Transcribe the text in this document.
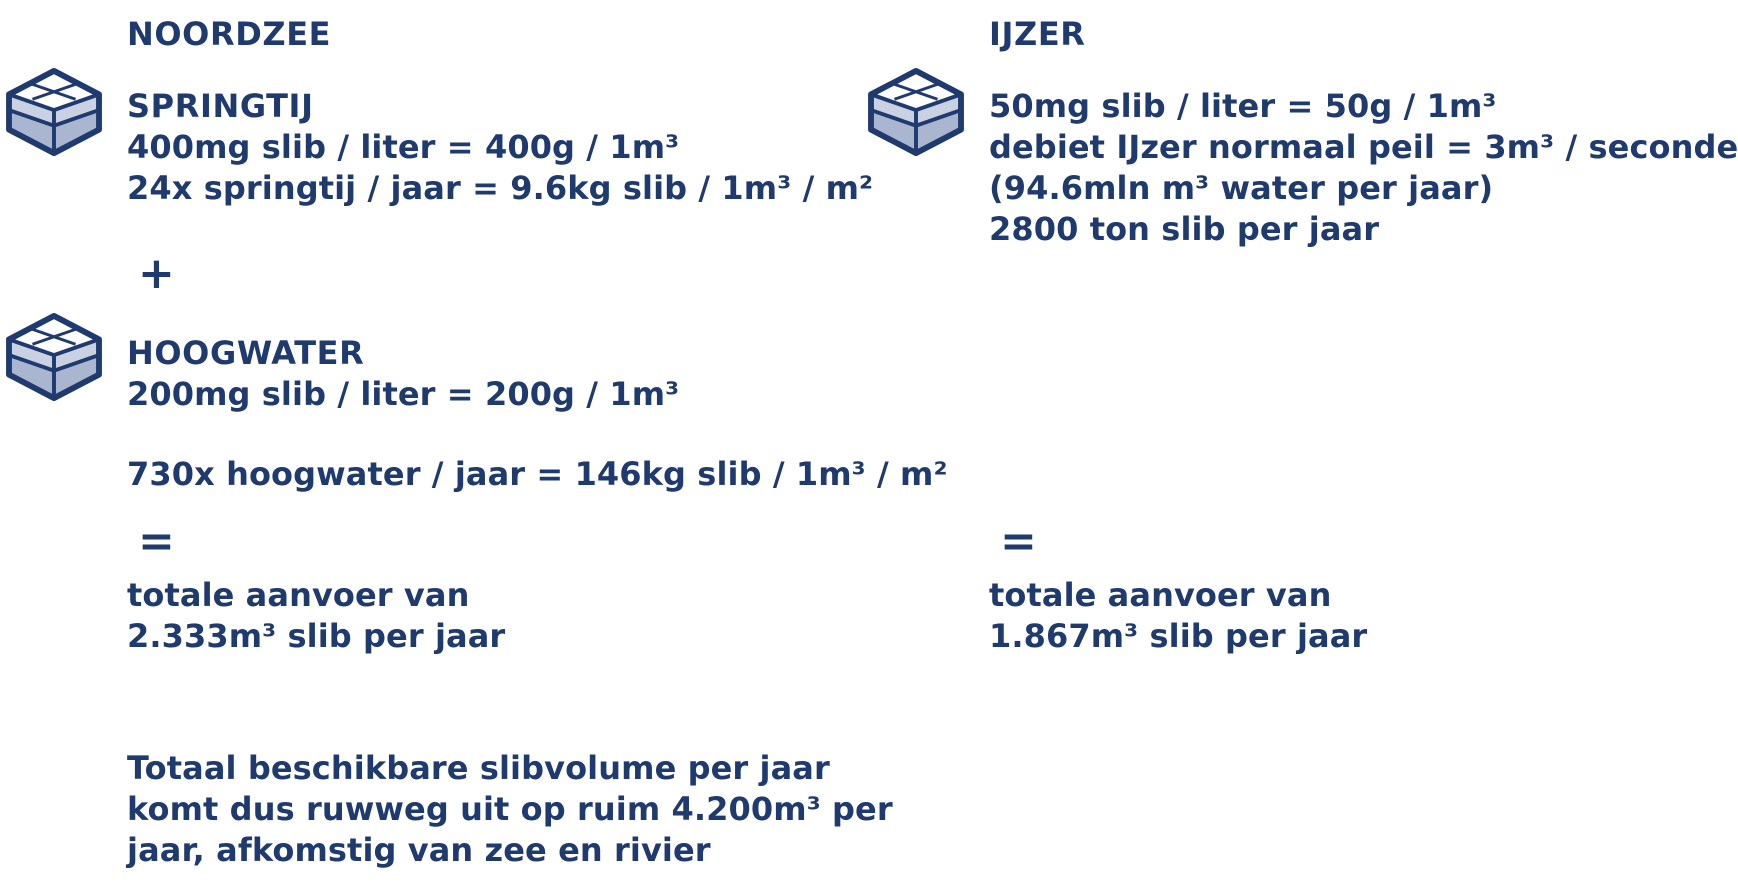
NOORDZEE
SPRINGTIJ
400mg slib / liter = 400g / 1m³
24x springtij / jaar = 9.6kg slib / 1m³ / m²
+
HOOGWATER
200mg slib / liter = 200g / 1m³
730x hoogwater / jaar = 146kg slib / 1m³ / m²
=
totale aanvoer van
2.333m³ slib per jaar
IJZER
50mg slib / liter = 50g / 1m³
debiet IJzer normaal peil = 3m³ / seconde
(94.6mln m³ water per jaar)
2800 ton slib per jaar
=
totale aanvoer van
1.867m³ slib per jaar
Totaal beschikbare slibvolume per jaar
komt dus ruwweg uit op ruim 4.200m³ per
jaar, afkomstig van zee en rivier
